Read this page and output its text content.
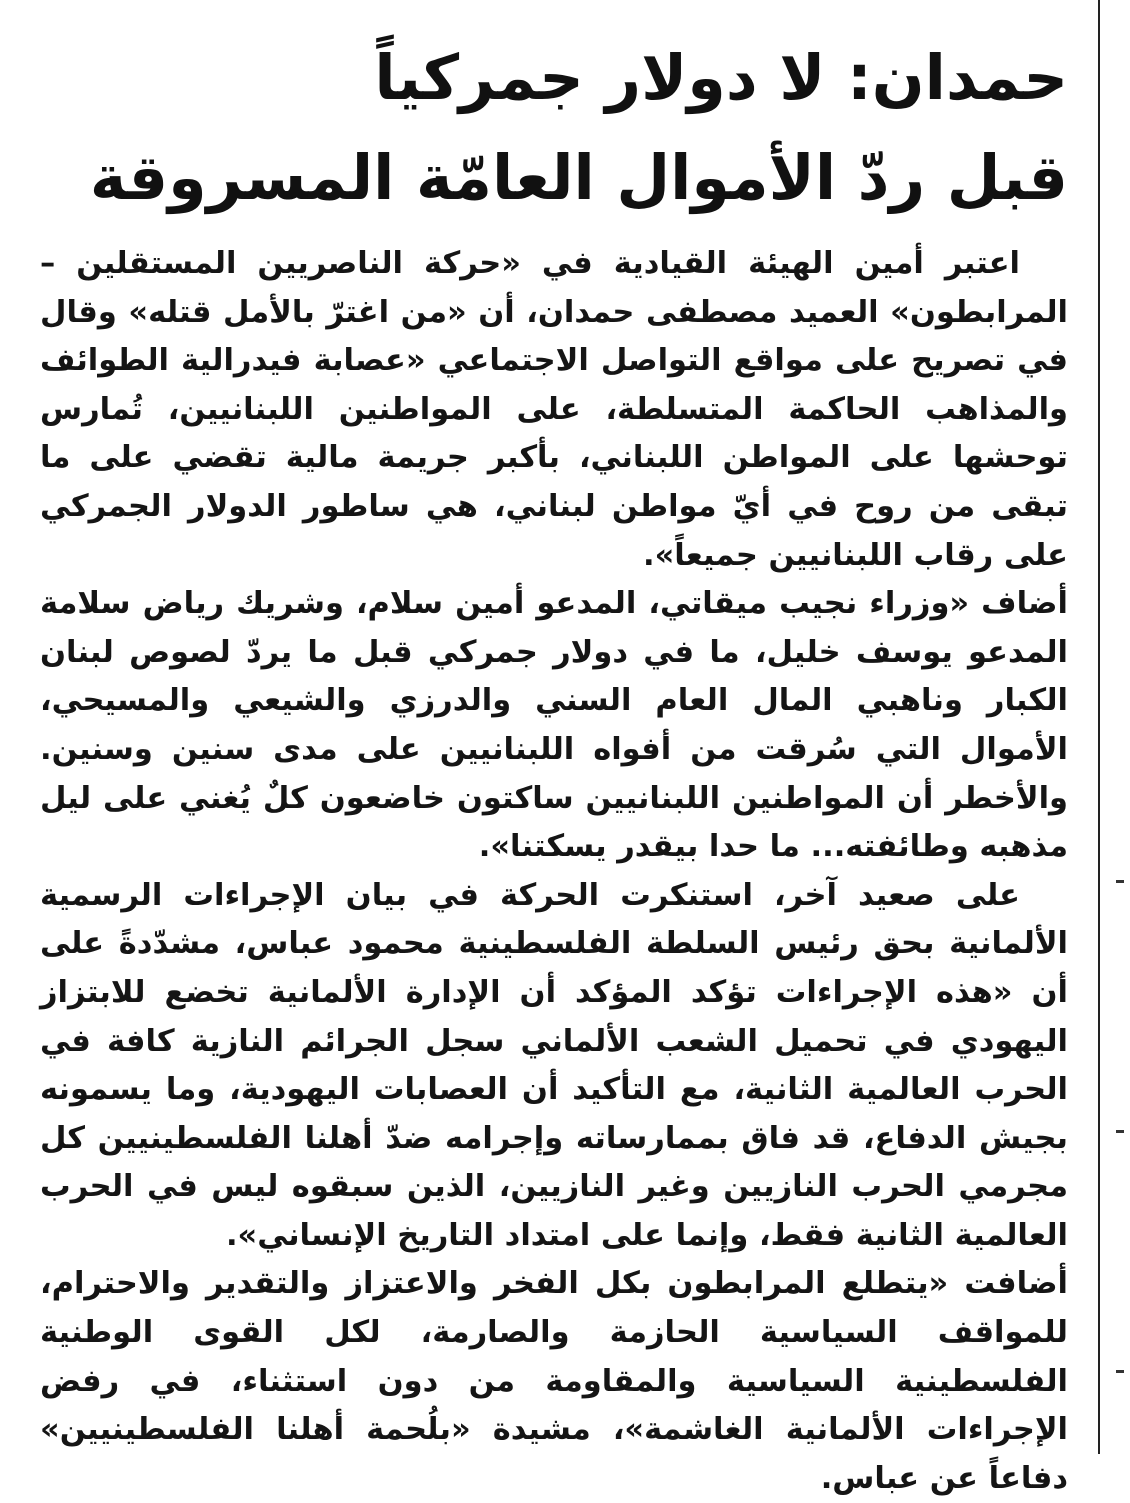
حمدان: لا دولار جمركياً
قبل ردّ الأموال العامّة المسروقة

اعتبر أمين الهيئة القيادية في «حركة الناصريين المستقلين – المرابطون» العميد مصطفى حمدان، أن «من اغترّ بالأمل قتله» وقال في تصريح على مواقع التواصل الاجتماعي «عصابة فيدرالية الطوائف والمذاهب الحاكمة المتسلطة، على المواطنين اللبنانيين، تُمارس توحشها على المواطن اللبناني، بأكبر جريمة مالية تقضي على ما تبقى من روح في أيّ مواطن لبناني، هي ساطور الدولار الجمركي على رقاب اللبنانيين جميعاً».

أضاف «وزراء نجيب ميقاتي، المدعو أمين سلام، وشريك رياض سلامة المدعو يوسف خليل، ما في دولار جمركي قبل ما يردّ لصوص لبنان الكبار وناهبي المال العام السني والدرزي والشيعي والمسيحي، الأموال التي سُرقت من أفواه اللبنانيين على مدى سنين وسنين. والأخطر أن المواطنين اللبنانيين ساكتون خاضعون كلٌ يُغني على ليل مذهبه وطائفته... ما حدا بيقدر يسكتنا».

على صعيد آخر، استنكرت الحركة في بيان الإجراءات الرسمية الألمانية بحق رئيس السلطة الفلسطينية محمود عباس، مشدّدةً على أن «هذه الإجراءات تؤكد المؤكد أن الإدارة الألمانية تخضع للابتزاز اليهودي في تحميل الشعب الألماني سجل الجرائم النازية كافة في الحرب العالمية الثانية، مع التأكيد أن العصابات اليهودية، وما يسمونه بجيش الدفاع، قد فاق بممارساته وإجرامه ضدّ أهلنا الفلسطينيين كل مجرمي الحرب النازيين وغير النازيين، الذين سبقوه ليس في الحرب العالمية الثانية فقط، وإنما على امتداد التاريخ الإنساني».

أضافت «يتطلع المرابطون بكل الفخر والاعتزاز والتقدير والاحترام، للمواقف السياسية الحازمة والصارمة، لكل القوى الوطنية الفلسطينية السياسية والمقاومة من دون استثناء، في رفض الإجراءات الألمانية الغاشمة»، مشيدة «بلُحمة أهلنا الفلسطينيين» دفاعاً عن عباس.
